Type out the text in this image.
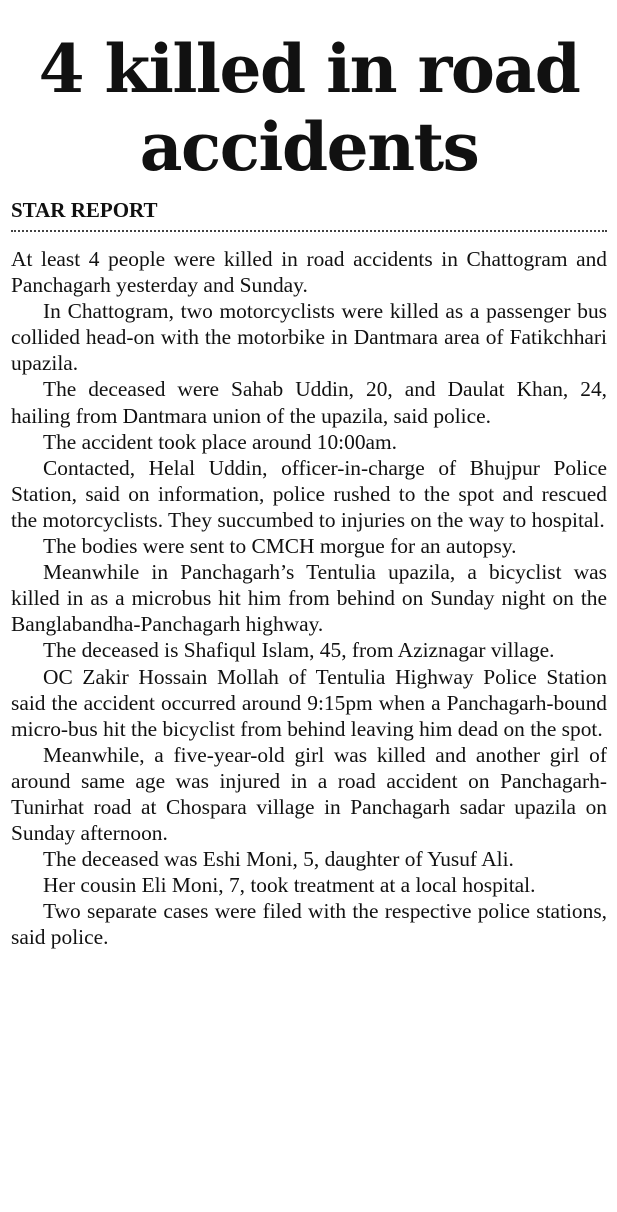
4 killed in road accidents
STAR REPORT

At least 4 people were killed in road accidents in Chattogram and Panchagarh yesterday and Sunday.

In Chattogram, two motorcyclists were killed as a passenger bus collided head-on with the motorbike in Dantmara area of Fatikchhari upazila.

The deceased were Sahab Uddin, 20, and Daulat Khan, 24, hailing from Dantmara union of the upazila, said police.

The accident took place around 10:00am.

Contacted, Helal Uddin, officer-in-charge of Bhujpur Police Station, said on information, police rushed to the spot and rescued the motorcyclists. They succumbed to injuries on the way to hospital.

The bodies were sent to CMCH morgue for an autopsy.

Meanwhile in Panchagarh’s Tentulia upazila, a bicyclist was killed in as a microbus hit him from behind on Sunday night on the Banglabandha-Panchagarh highway.

The deceased is Shafiqul Islam, 45, from Aziznagar village.

OC Zakir Hossain Mollah of Tentulia Highway Police Station said the accident occurred around 9:15pm when a Panchagarh-bound micro-bus hit the bicyclist from behind leaving him dead on the spot.

Meanwhile, a five-year-old girl was killed and another girl of around same age was injured in a road accident on Panchagarh-Tunirhat road at Chospara village in Panchagarh sadar upazila on Sunday afternoon.

The deceased was Eshi Moni, 5, daughter of Yusuf Ali.

Her cousin Eli Moni, 7, took treatment at a local hospital.

Two separate cases were filed with the respective police stations, said police.
